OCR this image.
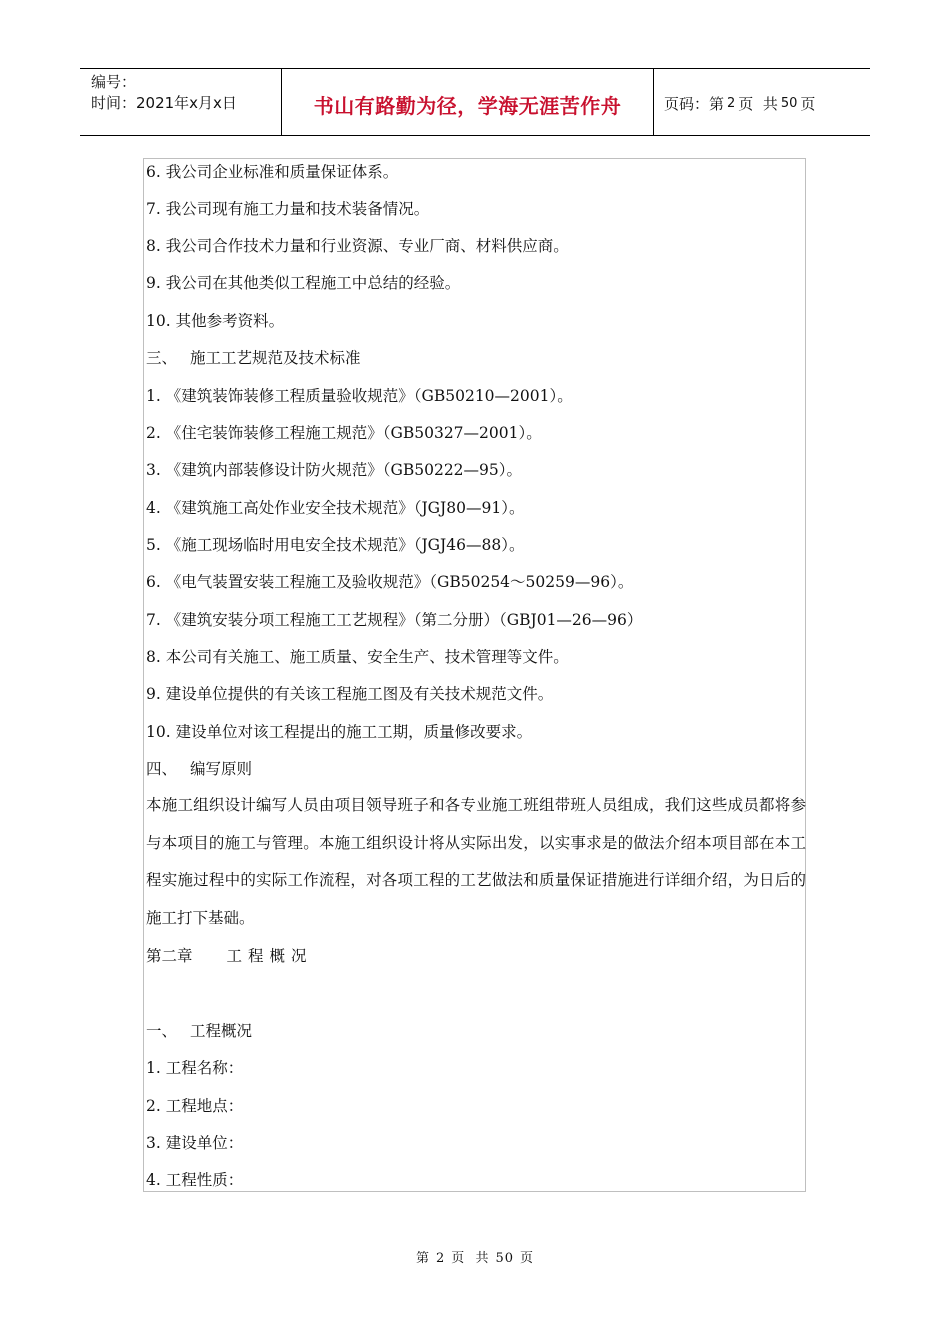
编号：
时间：2021年x月x日	书山有路勤为径，学海无涯苦作舟	页码：第 2 页  共 50 页
6. 我公司企业标准和质量保证体系。
7. 我公司现有施工力量和技术装备情况。
8. 我公司合作技术力量和行业资源、专业厂商、材料供应商。
9. 我公司在其他类似工程施工中总结的经验。
10. 其他参考资料。
三、 施工工艺规范及技术标准
1. 《建筑装饰装修工程质量验收规范》（GB50210—2001）。
2. 《住宅装饰装修工程施工规范》（GB50327—2001）。
3. 《建筑内部装修设计防火规范》（GB50222—95）。
4. 《建筑施工高处作业安全技术规范》（JGJ80—91）。
5. 《施工现场临时用电安全技术规范》（JGJ46—88）。
6. 《电气装置安装工程施工及验收规范》（GB50254～50259—96）。
7. 《建筑安装分项工程施工工艺规程》（第二分册）（GBJ01—26—96）
8. 本公司有关施工、施工质量、安全生产、技术管理等文件。
9. 建设单位提供的有关该工程施工图及有关技术规范文件。
10. 建设单位对该工程提出的施工工期，质量修改要求。
四、 编写原则
本施工组织设计编写人员由项目领导班子和各专业施工班组带班人员组成，我们这些成员都将参与本项目的施工与管理。本施工组织设计将从实际出发，以实事求是的做法介绍本项目部在本工程实施过程中的实际工作流程，对各项工程的工艺做法和质量保证措施进行详细介绍，为日后的施工打下基础。
第二章 工程概况
一、 工程概况
1. 工程名称：
2. 工程地点：
3. 建设单位：
4. 工程性质：
第 2 页  共 50 页
